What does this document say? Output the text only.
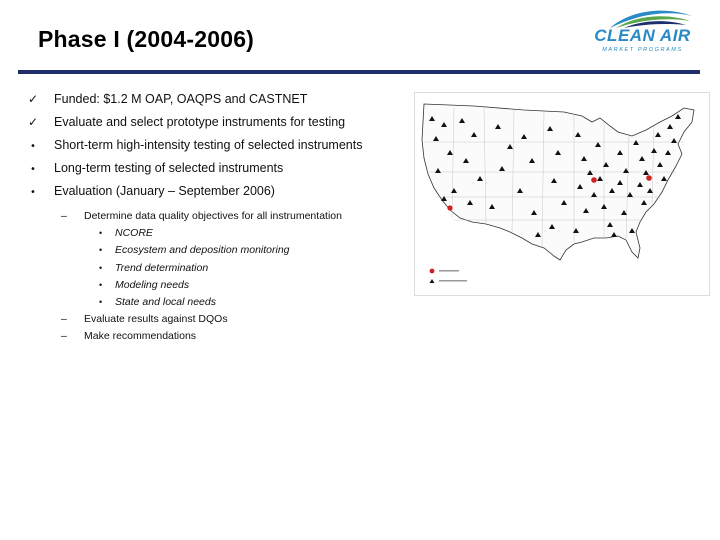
Phase I (2004-2006)	CLEAN AIR
MARKET PROGRAMS
✓	Funded: $1.2 M OAP, OAQPS and CASTNET
✓	Evaluate and select prototype instruments for testing
•	Short-term high-intensity testing of selected instruments
•	Long-term testing of selected instruments
•	Evaluation (January – September 2006)
– Determine data quality objectives for all instrumentation
• NCORE
• Ecosystem and deposition monitoring
• Trend determination
• Modeling needs
• State and local needs
– Evaluate results against DQOs
– Make recommendations
